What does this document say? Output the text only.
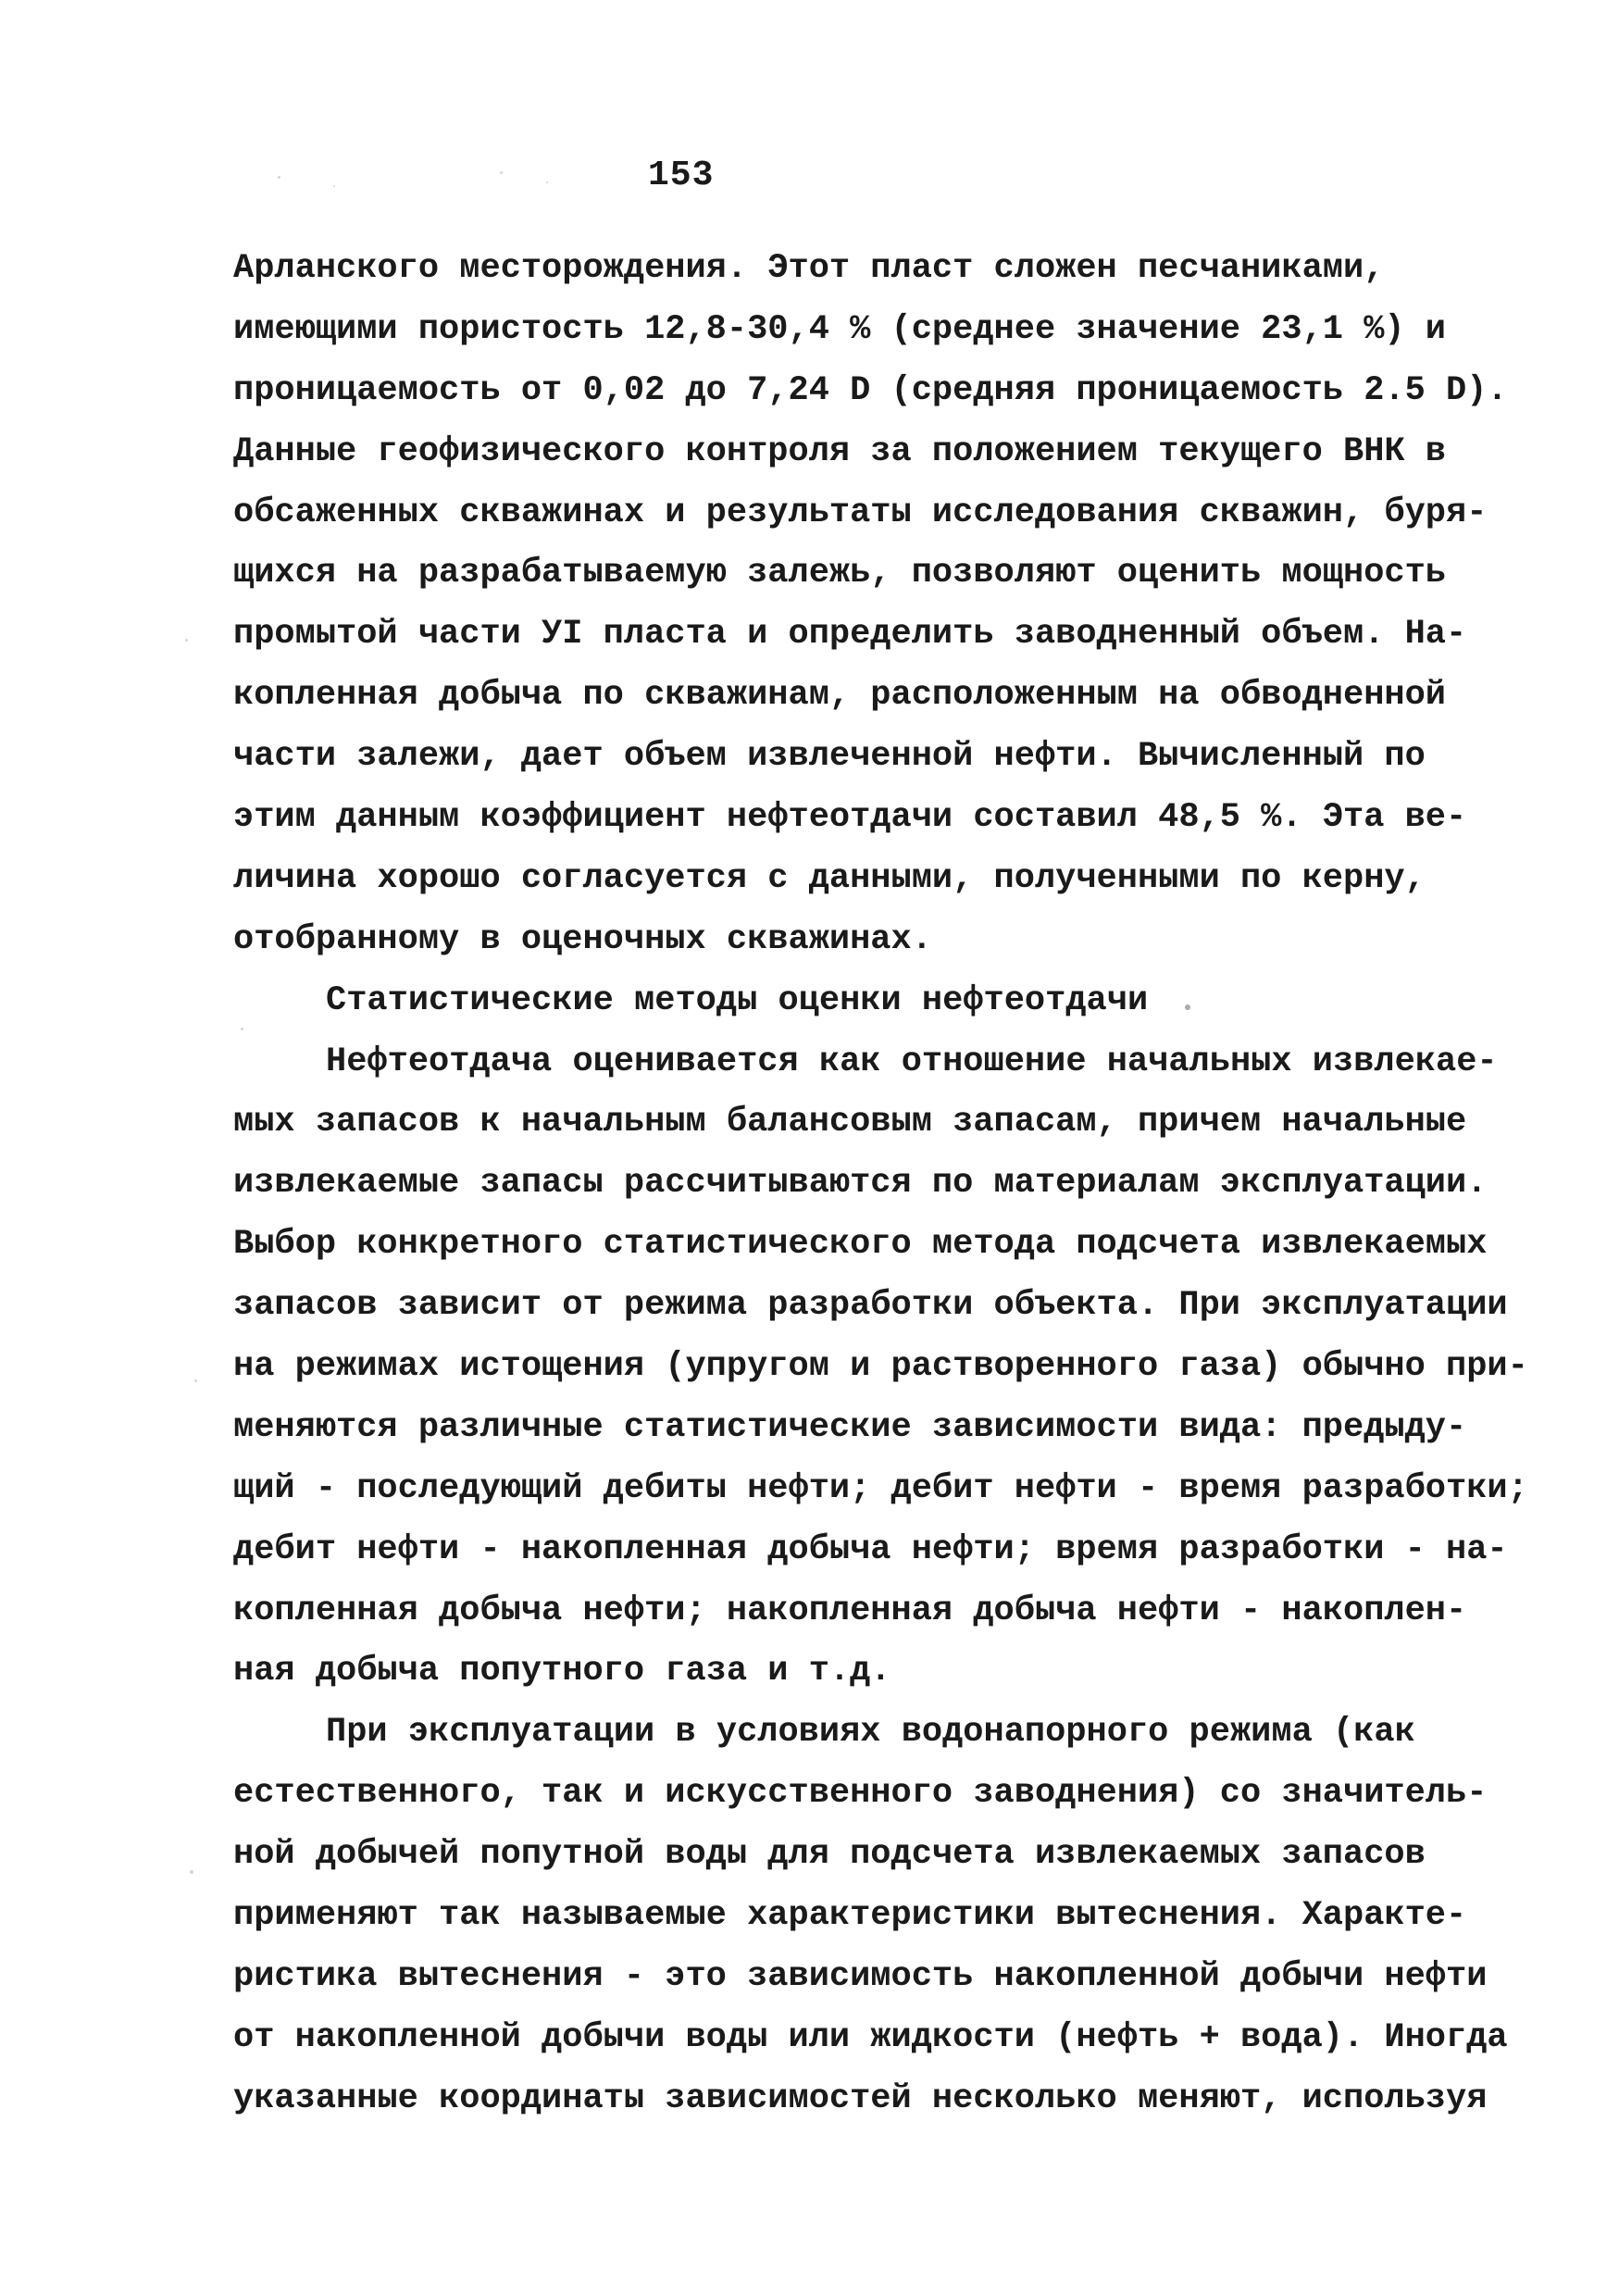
153
Арланского месторождения. Этот пласт сложен песчаниками,
имеющими пористость 12,8-30,4 % (среднее значение 23,1 %) и
проницаемость от 0,02 до 7,24 D (средняя проницаемость 2.5 D).
Данные геофизического контроля за положением текущего ВНК в
обсаженных скважинах и результаты исследования скважин, буря-
щихся на разрабатываемую залежь, позволяют оценить мощность
промытой части УI пласта и определить заводненный объем. На-
копленная добыча по скважинам, расположенным на обводненной
части залежи, дает объем извлеченной нефти. Вычисленный по
этим данным коэффициент нефтеотдачи составил 48,5 %. Эта ве-
личина хорошо согласуется с данными, полученными по керну,
отобранному в оценочных скважинах.
Статистические методы оценки нефтеотдачи
Нефтеотдача оценивается как отношение начальных извлекае-
мых запасов к начальным балансовым запасам, причем начальные
извлекаемые запасы рассчитываются по материалам эксплуатации.
Выбор конкретного статистического метода подсчета извлекаемых
запасов зависит от режима разработки объекта. При эксплуатации
на режимах истощения (упругом и растворенного газа) обычно при-
меняются различные статистические зависимости вида: предыду-
щий - последующий дебиты нефти; дебит нефти - время разработки;
дебит нефти - накопленная добыча нефти; время разработки - на-
копленная добыча нефти; накопленная добыча нефти - накоплен-
ная добыча попутного газа и т.д.
При эксплуатации в условиях водонапорного режима (как
естественного, так и искусственного заводнения) со значитель-
ной добычей попутной воды для подсчета извлекаемых запасов
применяют так называемые характеристики вытеснения. Характе-
ристика вытеснения - это зависимость накопленной добычи нефти
от накопленной добычи воды или жидкости (нефть + вода). Иногда
указанные координаты зависимостей несколько меняют, используя
